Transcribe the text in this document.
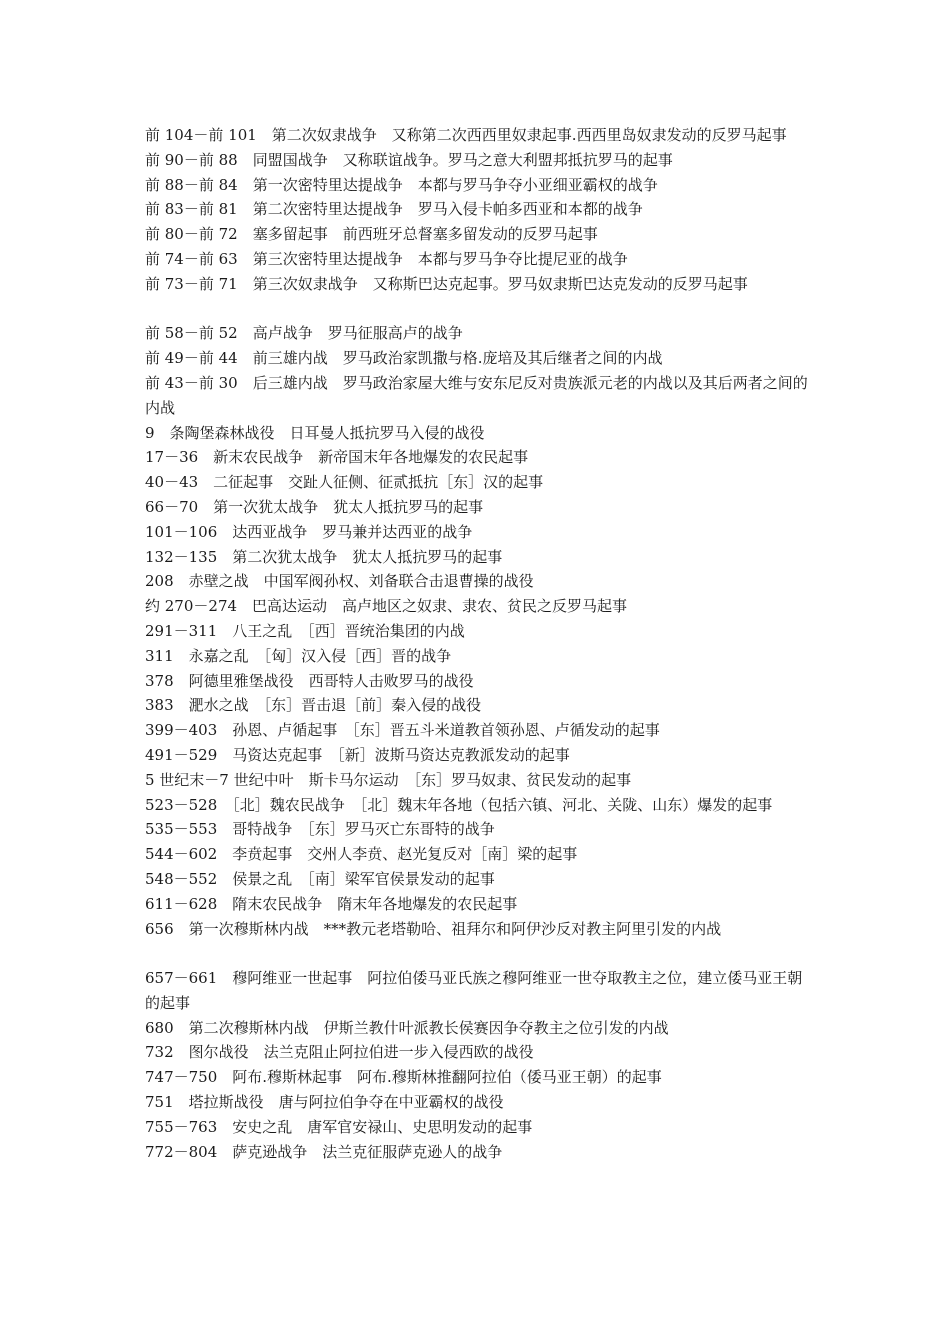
前 104－前 101　第二次奴隶战争　又称第二次西西里奴隶起事.西西里岛奴隶发动的反罗马起事

前 90－前 88　同盟国战争　又称联谊战争。罗马之意大利盟邦抵抗罗马的起事

前 88－前 84　第一次密特里达提战争　本都与罗马争夺小亚细亚霸权的战争

前 83－前 81　第二次密特里达提战争　罗马入侵卡帕多西亚和本都的战争

前 80－前 72　塞多留起事　前西班牙总督塞多留发动的反罗马起事

前 74－前 63　第三次密特里达提战争　本都与罗马争夺比提尼亚的战争

前 73－前 71　第三次奴隶战争　又称斯巴达克起事。罗马奴隶斯巴达克发动的反罗马起事

前 58－前 52　高卢战争　罗马征服高卢的战争

前 49－前 44　前三雄内战　罗马政治家凯撒与格.庞培及其后继者之间的内战

前 43－前 30　后三雄内战　罗马政治家屋大维与安东尼反对贵族派元老的内战以及其后两者之间的内战

9　条陶堡森林战役　日耳曼人抵抗罗马入侵的战役

17－36　新末农民战争　新帝国末年各地爆发的农民起事

40－43　二征起事　交趾人征侧、征贰抵抗［东］汉的起事

66－70　第一次犹太战争　犹太人抵抗罗马的起事

101－106　达西亚战争　罗马兼并达西亚的战争

132－135　第二次犹太战争　犹太人抵抗罗马的起事

208　赤壁之战　中国军阀孙权、刘备联合击退曹操的战役

约 270－274　巴高达运动　高卢地区之奴隶、隶农、贫民之反罗马起事

291－311　八王之乱　［西］晋统治集团的内战

311　永嘉之乱　［匈］汉入侵［西］晋的战争

378　阿德里雅堡战役　西哥特人击败罗马的战役

383　淝水之战　［东］晋击退［前］秦入侵的战役

399－403　孙恩、卢循起事　［东］晋五斗米道教首领孙恩、卢循发动的起事

491－529　马资达克起事　［新］波斯马资达克教派发动的起事

5 世纪末－7 世纪中叶　斯卡马尔运动　［东］罗马奴隶、贫民发动的起事

523－528　［北］魏农民战争　［北］魏末年各地（包括六镇、河北、关陇、山东）爆发的起事

535－553　哥特战争　［东］罗马灭亡东哥特的战争

544－602　李贲起事　交州人李贲、赵光复反对［南］梁的起事

548－552　侯景之乱　［南］梁军官侯景发动的起事

611－628　隋末农民战争　隋末年各地爆发的农民起事

656　第一次穆斯林内战　***教元老塔勒哈、祖拜尔和阿伊沙反对教主阿里引发的内战

657－661　穆阿维亚一世起事　阿拉伯倭马亚氏族之穆阿维亚一世夺取教主之位，建立倭马亚王朝的起事

680　第二次穆斯林内战　伊斯兰教什叶派教长侯赛因争夺教主之位引发的内战

732　图尔战役　法兰克阻止阿拉伯进一步入侵西欧的战役

747－750　阿布.穆斯林起事　阿布.穆斯林推翻阿拉伯（倭马亚王朝）的起事

751　塔拉斯战役　唐与阿拉伯争夺在中亚霸权的战役

755－763　安史之乱　唐军官安禄山、史思明发动的起事

772－804　萨克逊战争　法兰克征服萨克逊人的战争
